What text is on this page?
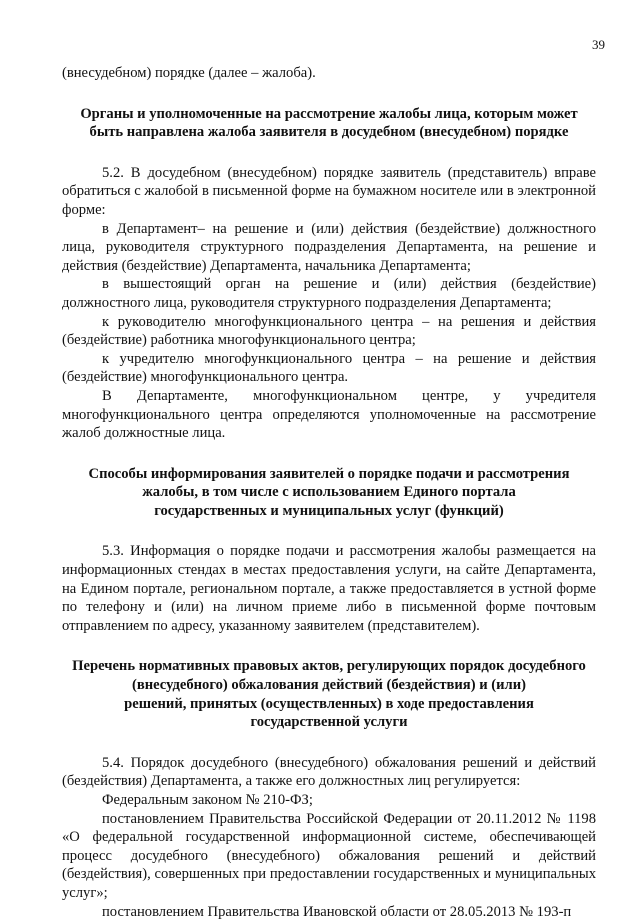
39

(внесудебном) порядке (далее – жалоба).

Органы и уполномоченные на рассмотрение жалобы лица, которым может
быть направлена жалоба заявителя в досудебном (внесудебном) порядке

5.2. В досудебном (внесудебном) порядке заявитель (представитель) вправе обратиться с жалобой в письменной форме на бумажном носителе или в электронной форме:

в Департамент– на решение и (или) действия (бездействие) должностного лица, руководителя структурного подразделения Департамента, на решение и действия (бездействие) Департамента, начальника Департамента;

в вышестоящий орган на решение и (или) действия (бездействие) должностного лица, руководителя структурного подразделения Департамента;

к руководителю многофункционального центра – на решения и действия (бездействие) работника многофункционального центра;

к учредителю многофункционального центра – на решение и действия (бездействие) многофункционального центра.

В Департаменте, многофункциональном центре, у учредителя многофункционального центра определяются уполномоченные на рассмотрение жалоб должностные лица.

Способы информирования заявителей о порядке подачи и рассмотрения
жалобы, в том числе с использованием Единого портала
государственных и муниципальных услуг (функций)

5.3. Информация о порядке подачи и рассмотрения жалобы размещается на информационных стендах в местах предоставления услуги, на сайте Департамента, на Едином портале, региональном портале, а также предоставляется в устной форме по телефону и (или) на личном приеме либо в письменной форме почтовым отправлением по адресу, указанному заявителем (представителем).

Перечень нормативных правовых актов, регулирующих порядок досудебного
(внесудебного) обжалования действий (бездействия) и (или)
решений, принятых (осуществленных) в ходе предоставления
государственной услуги

5.4. Порядок досудебного (внесудебного) обжалования решений и действий (бездействия) Департамента, а также его должностных лиц регулируется:

Федеральным законом № 210-ФЗ;

постановлением Правительства Российской Федерации от 20.11.2012 № 1198 «О федеральной государственной информационной системе, обеспечивающей процесс досудебного (внесудебного) обжалования решений и действий (бездействия), совершенных при предоставлении государственных и муниципальных услуг»;

постановлением Правительства Ивановской области от 28.05.2013 № 193-п
